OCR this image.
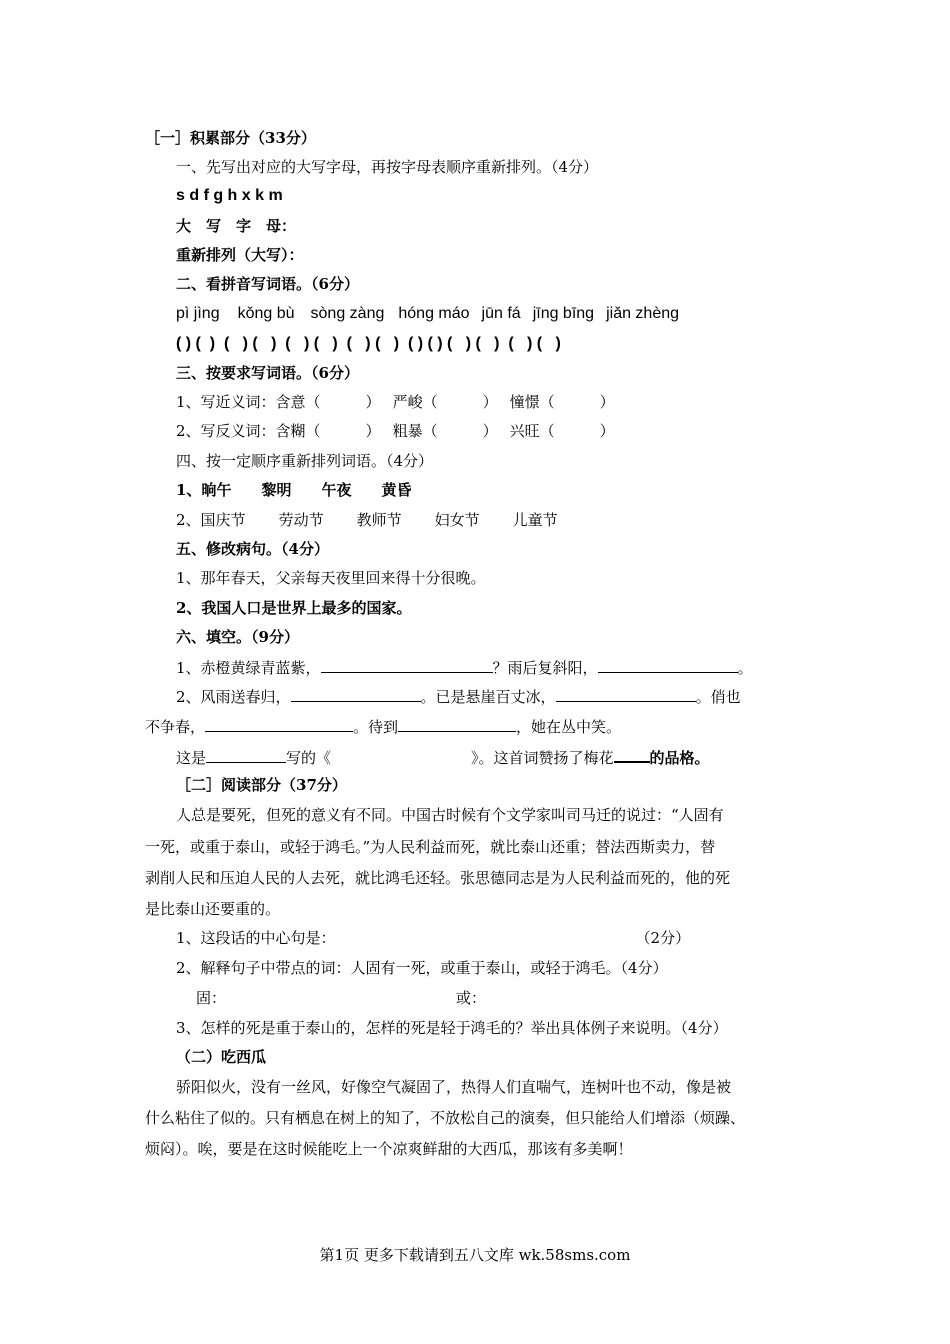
［一］积累部分（33分）
一、先写出对应的大写字母，再按字母表顺序重新排列。（4分）
s d f g h x k m
大　写　字　母：
重新排列（大写）：
二、看拼音写词语。（6分）
pì jìng kǒng bù sòng zàng hóng máo jūn fá jīng bīng jiǎn zhèng
( ) (  )  (   ) (   )  (   ) (   )  (   ) (   )  ( ) ( ) (   ) (   )  (   ) (   )
三、按要求写词语。（6分）
1、写近义词：含意（　　　） 严峻（　　　） 憧憬（　　　）
2、写反义词：含糊（　　　） 粗暴（　　　） 兴旺（　　　）
四、按一定顺序重新排列词语。（4分）
1、晌午 黎明 午夜 黄昏
2、国庆节 劳动节 教师节 妇女节 儿童节
五、修改病句。（4分）
1、那年春天，父亲每天夜里回来得十分很晚。
2、我国人口是世界上最多的国家。
六、填空。（9分）
1、赤橙黄绿青蓝紫，	？雨后复斜阳，	。
2、风雨送春归，	。已是悬崖百丈冰，	。俏也
不争春，	。待到	，她在丛中笑。
这是	写的《	》。这首词赞扬了梅花 的品格。
［二］阅读部分（37分）
人总是要死，但死的意义有不同。中国古时候有个文学家叫司马迁的说过：“人固有
一死，或重于泰山，或轻于鸿毛。”为人民利益而死，就比泰山还重；替法西斯卖力，替
剥削人民和压迫人民的人去死，就比鸿毛还轻。张思德同志是为人民利益而死的，他的死
是比泰山还要重的。
1、这段话的中心句是：	（2分）
2、解释句子中带点的词：人固有一死，或重于泰山，或轻于鸿毛。（4分）
固：	或：
3、怎样的死是重于泰山的，怎样的死是轻于鸿毛的？举出具体例子来说明。（4分）
（二）吃西瓜
骄阳似火，没有一丝风，好像空气凝固了，热得人们直喘气，连树叶也不动，像是被
什么粘住了似的。只有栖息在树上的知了，不放松自己的演奏，但只能给人们增添（烦躁、
烦闷）。唉，要是在这时候能吃上一个凉爽鲜甜的大西瓜，那该有多美啊！
第1页 更多下载请到五八文库 wk.58sms.com
